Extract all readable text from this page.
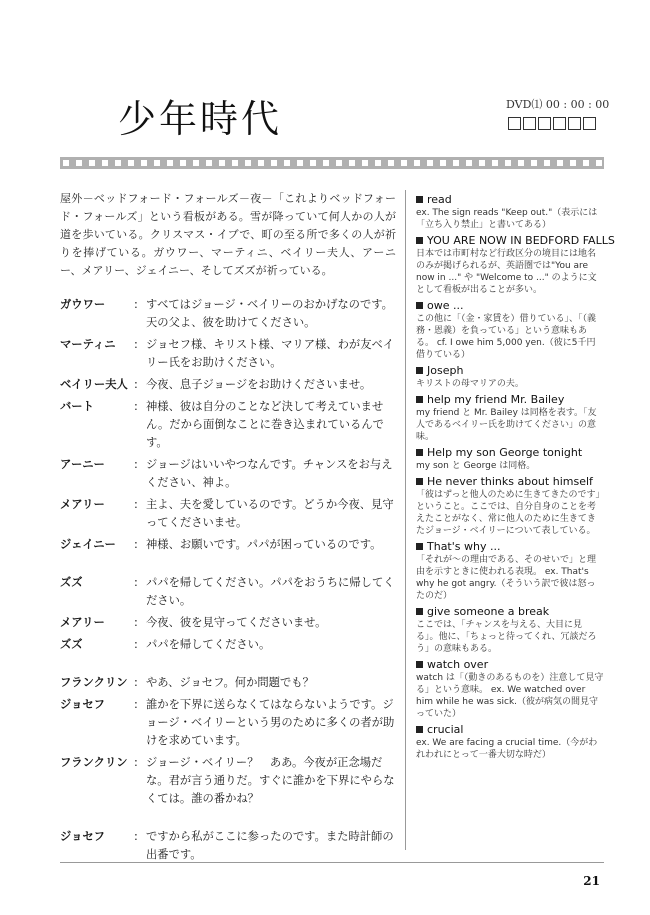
少年時代	DVD⑴ 00 : 00 : 00

屋外－ベッドフォード・フォールズ－夜－「これよりベッドフォード・フォールズ」という看板がある。雪が降っていて何人かの人が道を歩いている。クリスマス・イブで、町の至る所で多くの人が祈りを捧げている。ガウワー、マーティニ、ベイリー夫人、アーニー、メアリー、ジェイニー、そしてズズが祈っている。

ガウワー	: すべてはジョージ・ベイリーのおかげなのです。天の父よ、彼を助けてください。
マーティニ	: ジョセフ様、キリスト様、マリア様、わが友ベイリー氏をお助けください。
ベイリー夫人 : 今夜、息子ジョージをお助けくださいませ。
バート	: 神様、彼は自分のことなど決して考えていません。だから面倒なことに巻き込まれているんです。
アーニー	: ジョージはいいやつなんです。チャンスをお与えください、神よ。
メアリー	: 主よ、夫を愛しているのです。どうか今夜、見守ってくださいませ。
ジェイニー	: 神様、お願いです。パパが困っているのです。
ズズ	: パパを帰してください。パパをおうちに帰してください。
メアリー	: 今夜、彼を見守ってくださいませ。
ズズ	: パパを帰してください。
フランクリン : やあ、ジョセフ。何か問題でも？
ジョセフ	: 誰かを下界に送らなくてはならないようです。ジョージ・ベイリーという男のために多くの者が助けを求めています。
フランクリン : ジョージ・ベイリー？　ああ。今夜が正念場だな。君が言う通りだ。すぐに誰かを下界にやらなくては。誰の番かね？
ジョセフ	: ですから私がここに参ったのです。また時計師の出番です。
read
ex. The sign reads "Keep out."（表示には「立ち入り禁止」と書いてある）
YOU ARE NOW IN BEDFORD FALLS
日本では市町村など行政区分の境目には地名のみが掲げられるが、英語圏では"You are now in ..." や "Welcome to ..." のように文として看板が出ることが多い。
owe ...
この他に「（金・家賃を）借りている」、「（義務・恩義）を負っている」という意味もある。 cf. I owe him 5,000 yen.（彼に5千円借りている）
Joseph
キリストの母マリアの夫。
help my friend Mr. Bailey
my friend と Mr. Bailey は同格を表す。「友人であるベイリー氏を助けてください」の意味。
Help my son George tonight
my son と George は同格。
He never thinks about himself
「彼はずっと他人のために生きてきたのです」ということ。ここでは、自分自身のことを考えたことがなく、常に他人のために生きてきたジョージ・ベイリーについて表している。
That's why ...
「それが～の理由である、そのせいで」と理由を示すときに使われる表現。 ex. That's why he got angry.（そういう訳で彼は怒ったのだ）
give someone a break
ここでは、「チャンスを与える、大目に見る」。他に、「ちょっと待ってくれ、冗談だろう」の意味もある。
watch over
watch は「（動きのあるものを）注意して見守る」という意味。 ex. We watched over him while he was sick.（彼が病気の間見守っていた）
crucial
ex. We are facing a crucial time.（今がわれわれにとって一番大切な時だ）
21
